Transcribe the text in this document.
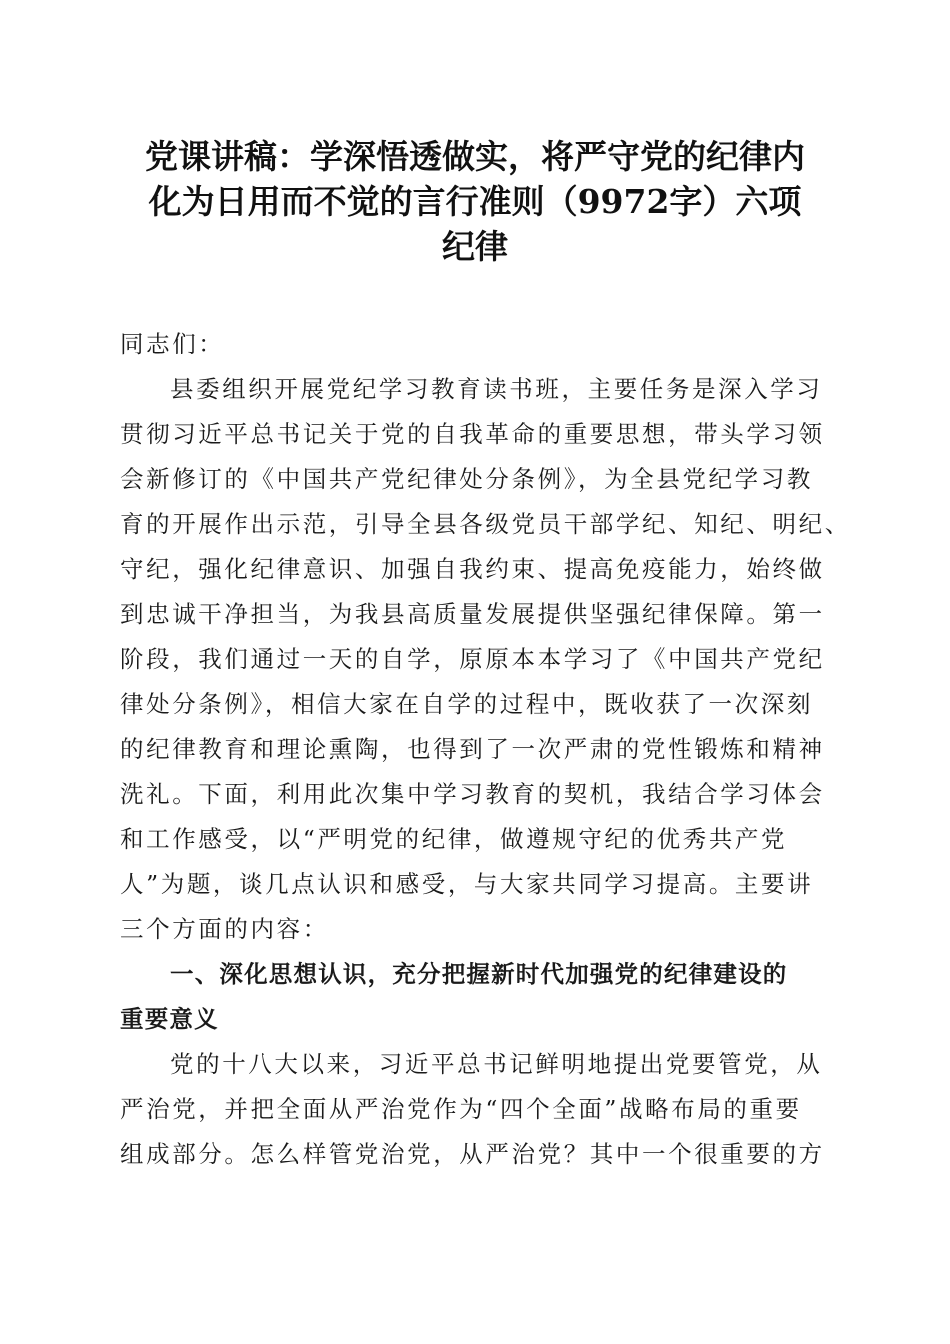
党课讲稿：学深悟透做实，将严守党的纪律内
化为日用而不觉的言行准则（9972字）六项
纪律
同志们：
县委组织开展党纪学习教育读书班，主要任务是深入学习
贯彻习近平总书记关于党的自我革命的重要思想，带头学习领
会新修订的《中国共产党纪律处分条例》，为全县党纪学习教
育的开展作出示范，引导全县各级党员干部学纪、知纪、明纪、
守纪，强化纪律意识、加强自我约束、提高免疫能力，始终做
到忠诚干净担当，为我县高质量发展提供坚强纪律保障。第一
阶段，我们通过一天的自学，原原本本学习了《中国共产党纪
律处分条例》，相信大家在自学的过程中，既收获了一次深刻
的纪律教育和理论熏陶，也得到了一次严肃的党性锻炼和精神
洗礼。下面，利用此次集中学习教育的契机，我结合学习体会
和工作感受，以“严明党的纪律，做遵规守纪的优秀共产党
人”为题，谈几点认识和感受，与大家共同学习提高。主要讲
三个方面的内容：
一、深化思想认识，充分把握新时代加强党的纪律建设的
重要意义
党的十八大以来，习近平总书记鲜明地提出党要管党，从
严治党，并把全面从严治党作为“四个全面”战略布局的重要
组成部分。怎么样管党治党，从严治党？其中一个很重要的方
